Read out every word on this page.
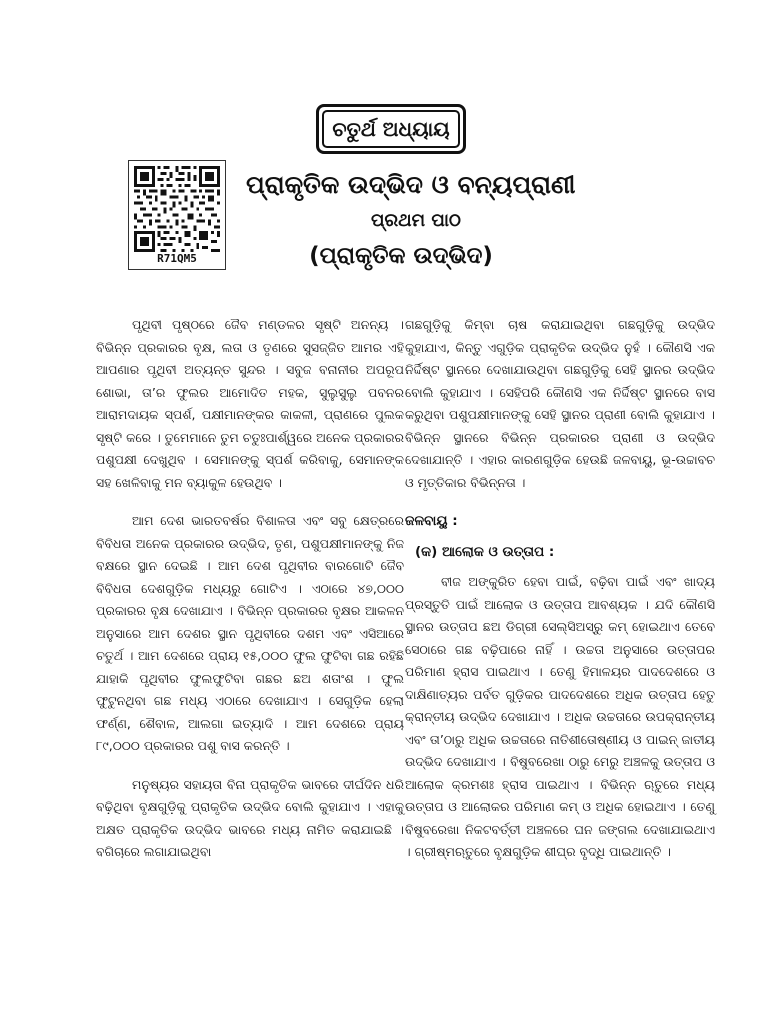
ଚତୁର୍ଥ ଅଧ୍ୟାୟ
R71QM5
ପ୍ରାକୃତିକ ଉଦ୍ଭିଦ ଓ ବନ୍ୟପ୍ରାଣୀ
ପ୍ରଥମ ପାଠ
(ପ୍ରାକୃତିକ ଉଦ୍ଭିଦ)

ପୃଥିବୀ ପୃଷ୍ଠରେ ଜୈବ ମଣ୍ଡଳର ସୃଷ୍ଟି ଅନନ୍ୟ । ବିଭିନ୍ନ ପ୍ରକାରର ବୃକ୍ଷ, ଲତା ଓ ତୃଣରେ ସୁସଜ୍ଜିତ ଆମର ଏହି ଆପଣାର ପୃଥିବୀ ଅତ୍ୟନ୍ତ ସୁନ୍ଦର । ସବୁଜ ବନାନୀର ଅପରୂପ ଶୋଭା, ତା’ର ଫୁଲର ଆମୋଦିତ ମହକ, ସୁଲୁସୁଲୁ ପବନର ଆରାମଦାୟକ ସ୍ପର୍ଶ, ପକ୍ଷୀମାନଙ୍କର କାକଳୀ, ପ୍ରାଣରେ ପୁଲକ ସୃଷ୍ଟି କରେ । ତୁମେମାନେ ତୁମ ଚତୁଃପାର୍ଶ୍ୱରେ ଅନେକ ପ୍ରକାରର ପଶୁପକ୍ଷୀ ଦେଖୁଥିବ । ସେମାନଙ୍କୁ ସ୍ପର୍ଶ କରିବାକୁ, ସେମାନଙ୍କ ସହ ଖେଳିବାକୁ ମନ ବ୍ୟାକୁଳ ହେଉଥିବ ।

ଆମ ଦେଶ ଭାରତବର୍ଷର ବିଶାଳତା ଏବଂ ସବୁ କ୍ଷେତ୍ରରେ ବିବିଧତା ଅନେକ ପ୍ରକାରର ଉଦ୍ଭିଦ, ତୃଣ, ପଶୁପକ୍ଷୀମାନଙ୍କୁ ନିଜ ବକ୍ଷରେ ସ୍ଥାନ ଦେଇଛି । ଆମ ଦେଶ ପୃଥିବୀର ବାରଗୋଟି ଜୈବ ବିବିଧତା ଦେଶଗୁଡ଼ିକ ମଧ୍ୟରୁ ଗୋଟିଏ । ଏଠାରେ ୪୭,୦୦୦ ପ୍ରକାରର ବୃକ୍ଷ ଦେଖାଯାଏ । ବିଭିନ୍ନ ପ୍ରକାରର ବୃକ୍ଷର ଆକଳନ ଅନୁସାରେ ଆମ ଦେଶର ସ୍ଥାନ ପୃଥିବୀରେ ଦଶମ ଏବଂ ଏସିଆରେ ଚତୁର୍ଥ । ଆମ ଦେଶରେ ପ୍ରାୟ ୧୫,୦୦୦ ଫୁଲ ଫୁଟିବା ଗଛ ରହିଛି ଯାହାକି ପୃଥିବୀର ଫୁଲଫୁଟିବା ଗଛର ଛଅ ଶତାଂଶ । ଫୁଲ ଫୁଟୁନଥିବା ଗଛ ମଧ୍ୟ ଏଠାରେ ଦେଖାଯାଏ । ସେଗୁଡ଼ିକ ହେଲା ଫର୍ଣ୍ଣ, ଶୈବାଳ, ଆଲଗା ଇତ୍ୟାଦି । ଆମ ଦେଶରେ ପ୍ରାୟ ୮୯,୦୦୦ ପ୍ରକାରର ପଶୁ ବାସ କରନ୍ତି ।

ମନୁଷ୍ୟର ସହାୟତା ବିନା ପ୍ରାକୃତିକ ଭାବରେ ଦୀର୍ଘଦିନ ଧରି ବଢ଼ିଥିବା ବୃକ୍ଷଗୁଡ଼ିକୁ ପ୍ରାକୃତିକ ଉଦ୍ଭିଦ ବୋଲି କୁହାଯାଏ । ଏହାକୁ ଅକ୍ଷତ ପ୍ରାକୃତିକ ଉଦ୍ଭିଦ ଭାବରେ ମଧ୍ୟ ନାମିତ କରାଯାଇଛି । ବଗିଚାରେ ଲଗାଯାଇଥିବା

ଗଛଗୁଡ଼ିକୁ କିମ୍ବା ଚାଷ କରାଯାଇଥିବା ଗଛଗୁଡ଼ିକୁ ଉଦ୍ଭିଦ କୁହାଯାଏ, କିନ୍ତୁ ଏଗୁଡ଼ିକ ପ୍ରାକୃତିକ ଉଦ୍ଭିଦ ନୁହଁ । କୌଣସି ଏକ ନିର୍ଦ୍ଦିଷ୍ଟ ସ୍ଥାନରେ ଦେଖାଯାଉଥିବା ଗଛଗୁଡ଼ିକୁ ସେହି ସ୍ଥାନର ଉଦ୍ଭିଦ ବୋଲି କୁହାଯାଏ । ସେହିପରି କୌଣସି ଏକ ନିର୍ଦ୍ଦିଷ୍ଟ ସ୍ଥାନରେ ବାସ କରୁଥିବା ପଶୁପକ୍ଷୀମାନଙ୍କୁ ସେହି ସ୍ଥାନର ପ୍ରାଣୀ ବୋଲି କୁହାଯାଏ । ବିଭିନ୍ନ ସ୍ଥାନରେ ବିଭିନ୍ନ ପ୍ରକାରର ପ୍ରାଣୀ ଓ ଉଦ୍ଭିଦ ଦେଖାଯାନ୍ତି । ଏହାର କାରଣଗୁଡ଼ିକ ହେଉଛି ଜଳବାୟୁ, ଭୂ-ଉଚ୍ଚାବଚ ଓ ମୃତ୍ତିକାର ବିଭିନ୍ନତା ।

ଜଳବାୟୁ :
(କ) ଆଲୋକ ଓ ଉତ୍ତାପ :

ବୀଜ ଅଙ୍କୁରିତ ହେବା ପାଇଁ, ବଢ଼ିବା ପାଇଁ ଏବଂ ଖାଦ୍ୟ ପ୍ରସ୍ତୁତି ପାଇଁ ଆଲୋକ ଓ ଉତ୍ତାପ ଆବଶ୍ୟକ । ଯଦି କୌଣସି ସ୍ଥାନର ଉତ୍ତାପ ଛଅ ଡିଗ୍ରୀ ସେଲ୍‌ସିଅସ୍‌ରୁ କମ୍ ହୋଇଥାଏ ତେବେ ସେଠାରେ ଗଛ ବଢ଼ିପାରେ ନାହିଁ । ଉଚ୍ଚତା ଅନୁସାରେ ଉତ୍ତାପର ପରିମାଣ ହ୍ରାସ ପାଇଥାଏ । ତେଣୁ ହିମାଳୟର ପାଦଦେଶରେ ଓ ଦାକ୍ଷିଣାତ୍ୟର ପର୍ବତ ଗୁଡ଼ିକର ପାଦଦେଶରେ ଅଧିକ ଉତ୍ତାପ ହେତୁ କ୍ରାନ୍ତୀୟ ଉଦ୍ଭିଦ ଦେଖାଯାଏ । ଅଧିକ ଉଚ୍ଚତାରେ ଉପକ୍ରାନ୍ତୀୟ ଏବଂ ତା’ଠାରୁ ଅଧିକ ଉଚ୍ଚତାରେ ନାତିଶୀତୋଷ୍ଣୀୟ ଓ ପାଇନ୍ ଜାତୀୟ ଉଦ୍ଭିଦ ଦେଖାଯାଏ । ବିଷୁବରେଖା ଠାରୁ ମେରୁ ଅଞ୍ଚଳକୁ ଉତ୍ତାପ ଓ ଆଲୋକ କ୍ରମଶଃ ହ୍ରାସ ପାଇଥାଏ । ବିଭିନ୍ନ ଋତୁରେ ମଧ୍ୟ ଉତ୍ତାପ ଓ ଆଲୋକର ପରିମାଣ କମ୍ ଓ ଅଧିକ ହୋଇଥାଏ । ତେଣୁ ବିଷୁବରେଖା ନିକଟବର୍ତ୍ତୀ ଅଞ୍ଚଳରେ ଘନ ଜଙ୍ଗଲ ଦେଖାଯାଇଥାଏ । ଗ୍ରୀଷ୍ମଋତୁରେ ବୃକ୍ଷଗୁଡ଼ିକ ଶୀଘ୍ର ବୃଦ୍ଧି ପାଇଥାନ୍ତି ।
